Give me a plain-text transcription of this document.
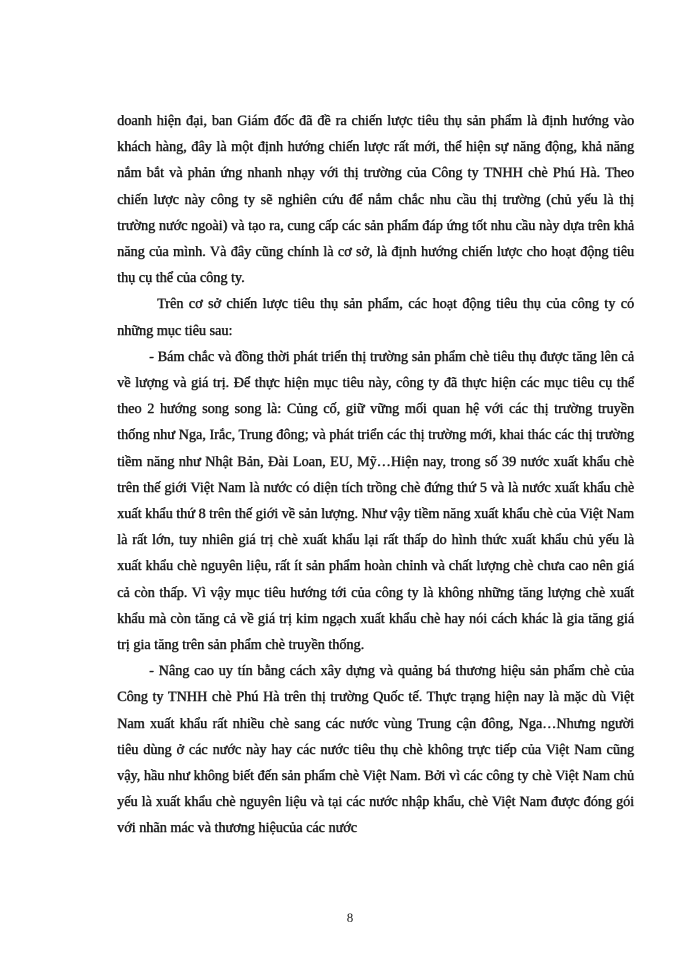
doanh hiện đại, ban Giám đốc đã đề ra chiến lược tiêu thụ sản phẩm là định hướng vào khách hàng, đây là một định hướng chiến lược rất mới, thể hiện sự năng động, khả năng nắm bắt và phản ứng nhanh nhạy với thị trường của Công ty TNHH chè Phú Hà. Theo chiến lược này công ty sẽ nghiên cứu để nắm chắc nhu cầu thị trường (chủ yếu là thị trường nước ngoài) và tạo ra, cung cấp các sản phẩm đáp ứng tốt nhu cầu này dựa trên khả năng của mình. Và đây cũng chính là cơ sở, là định hướng chiến lược cho hoạt động tiêu thụ cụ thể của công ty.

Trên cơ sở chiến lược tiêu thụ sản phẩm, các hoạt động tiêu thụ của công ty có những mục tiêu sau:

- Bám chắc và đồng thời phát triển thị trường sản phẩm chè tiêu thụ được tăng lên cả về lượng và giá trị. Để thực hiện mục tiêu này, công ty đã thực hiện các mục tiêu cụ thể theo 2 hướng song song là: Củng cố, giữ vững mối quan hệ với các thị trường truyền thống như Nga, Irắc, Trung đông; và phát triển các thị trường mới, khai thác các thị trường tiềm năng như Nhật Bản, Đài Loan, EU, Mỹ…Hiện nay, trong số 39 nước xuất khẩu chè trên thế giới Việt Nam là nước có diện tích trồng chè đứng thứ 5 và là nước xuất khẩu chè xuất khẩu thứ 8 trên thế giới về sản lượng. Như vậy tiềm năng xuất khẩu chè của Việt Nam là rất lớn, tuy nhiên giá trị chè xuất khẩu lại rất thấp do hình thức xuất khẩu chủ yếu là xuất khẩu chè nguyên liệu, rất ít sản phẩm hoàn chỉnh và chất lượng chè chưa cao nên giá cả còn thấp. Vì vậy mục tiêu hướng tới của công ty là không những tăng lượng chè xuất khẩu mà còn tăng cả về giá trị kim ngạch xuất khẩu chè hay nói cách khác là gia tăng giá trị gia tăng trên sản phẩm chè truyền thống.

- Nâng cao uy tín bằng cách xây dựng và quảng bá thương hiệu sản phẩm chè của Công ty TNHH chè Phú Hà trên thị trường Quốc tế. Thực trạng hiện nay là mặc dù Việt Nam xuất khẩu rất nhiều chè sang các nước vùng Trung cận đông, Nga…Nhưng người tiêu dùng ở các nước này hay các nước tiêu thụ chè không trực tiếp của Việt Nam cũng vậy, hầu như không biết đến sản phẩm chè Việt Nam. Bởi vì các công ty chè Việt Nam chủ yếu là xuất khẩu chè nguyên liệu và tại các nước nhập khẩu, chè Việt Nam được đóng gói với nhãn mác và thương hiệucủa các nước

8
